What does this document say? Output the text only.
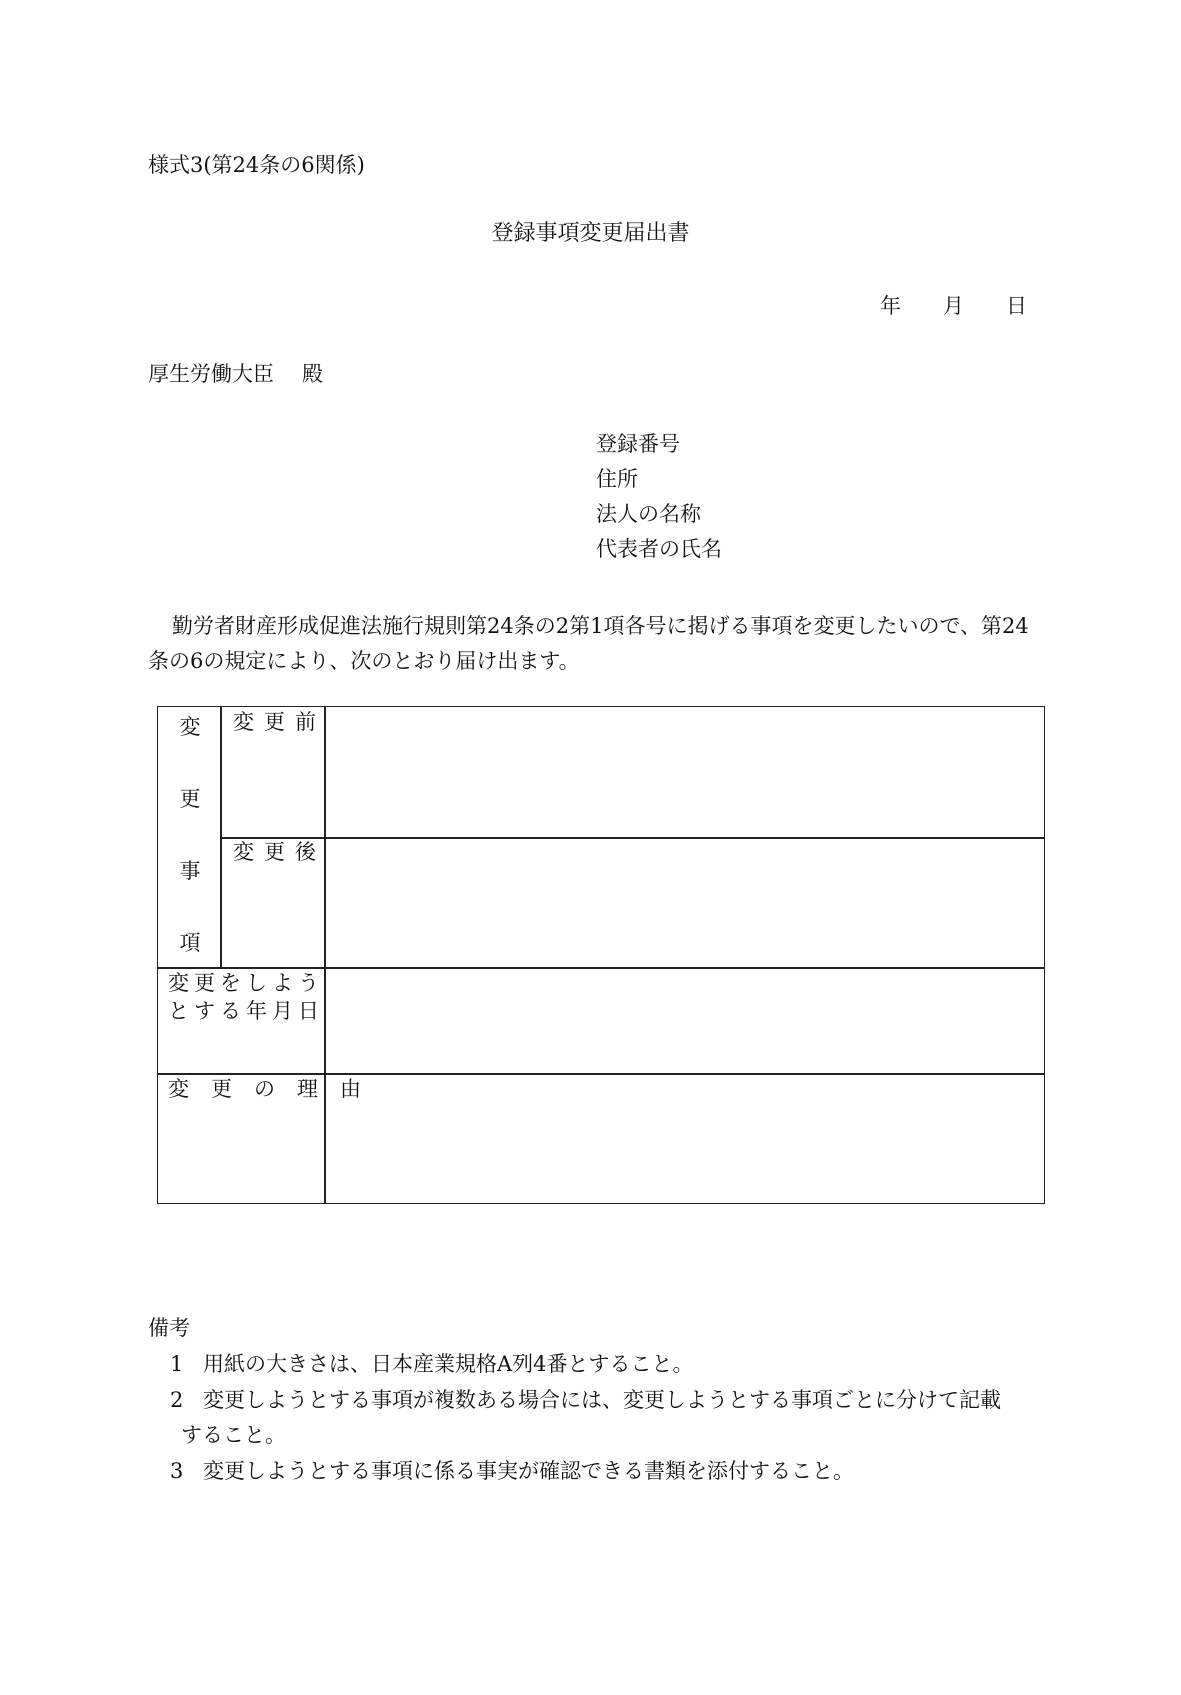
様式3(第24条の6関係)
登録事項変更届出書
年 月 日
厚生労働大臣 殿
登録番号
住所
法人の名称
代表者の氏名
勤労者財産形成促進法施行規則第24条の2第1項各号に掲げる事項を変更したいので、第24条の6の規定により、次のとおり届け出ます。
変
更
事
項
変更前
変更後
変更をしよう
とする年月日
変更の理由
備考
1 用紙の大きさは、日本産業規格A列4番とすること。
2 変更しようとする事項が複数ある場合には、変更しようとする事項ごとに分けて記載
すること。
3 変更しようとする事項に係る事実が確認できる書類を添付すること。
